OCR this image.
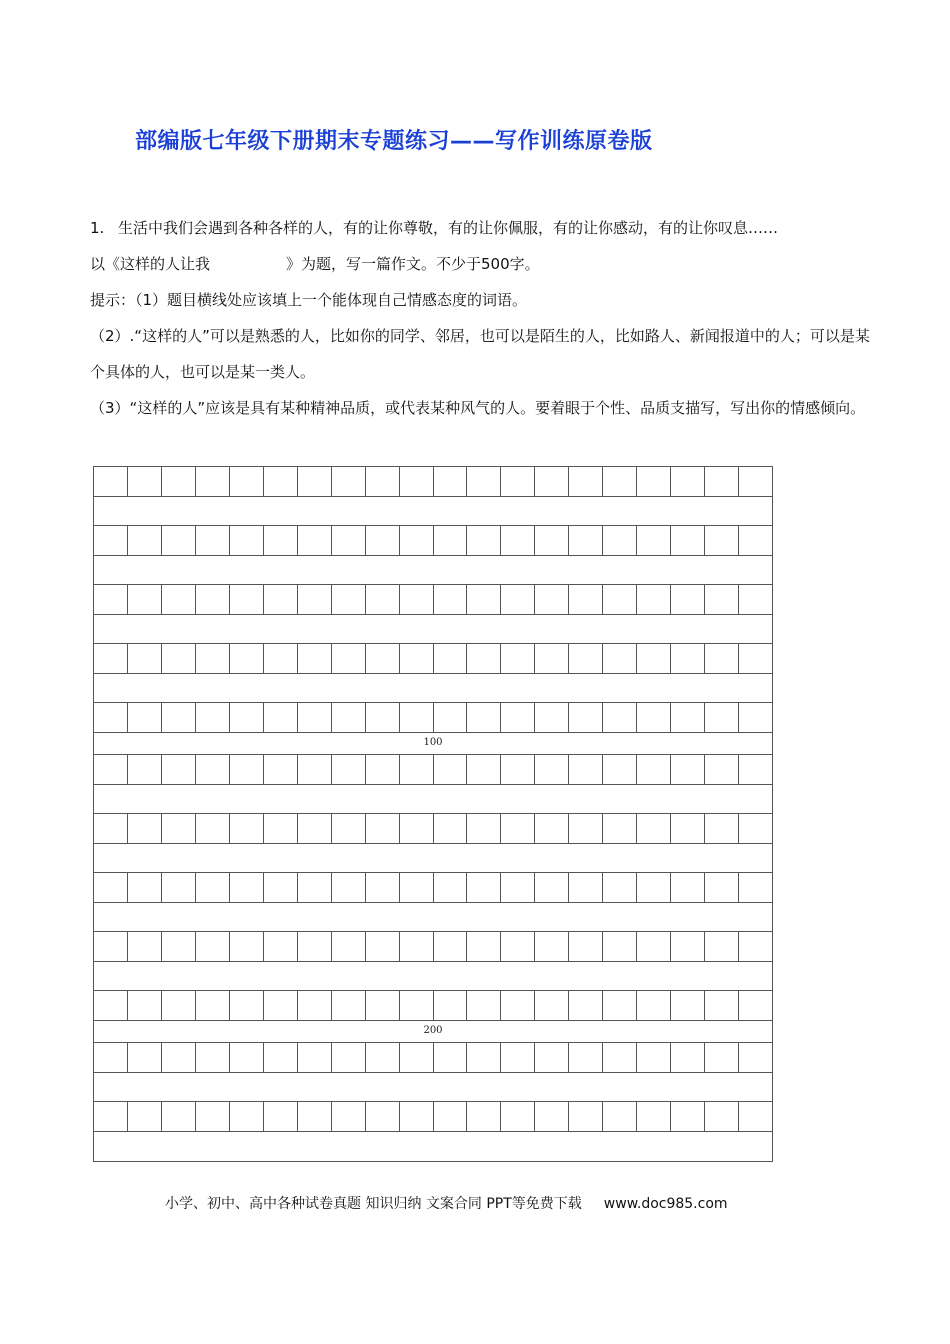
部编版七年级下册期末专题练习——写作训练原卷版
1. 生活中我们会遇到各种各样的人，有的让你尊敬，有的让你佩服，有的让你感动，有的让你叹息……
以《这样的人让我	》为题，写一篇作文。不少于500字。
提示：（1）题目横线处应该填上一个能体现自己情感态度的词语。
（2）.“这样的人”可以是熟悉的人，比如你的同学、邻居，也可以是陌生的人，比如路人、新闻报道中的人；可以是某个具体的人，也可以是某一类人。
（3）“这样的人”应该是具有某种精神品质，或代表某种风气的人。要着眼于个性、品质支描写，写出你的情感倾向。
100
200
小学、初中、高中各种试卷真题 知识归纳 文案合同 PPT等免费下载 www.doc985.com
